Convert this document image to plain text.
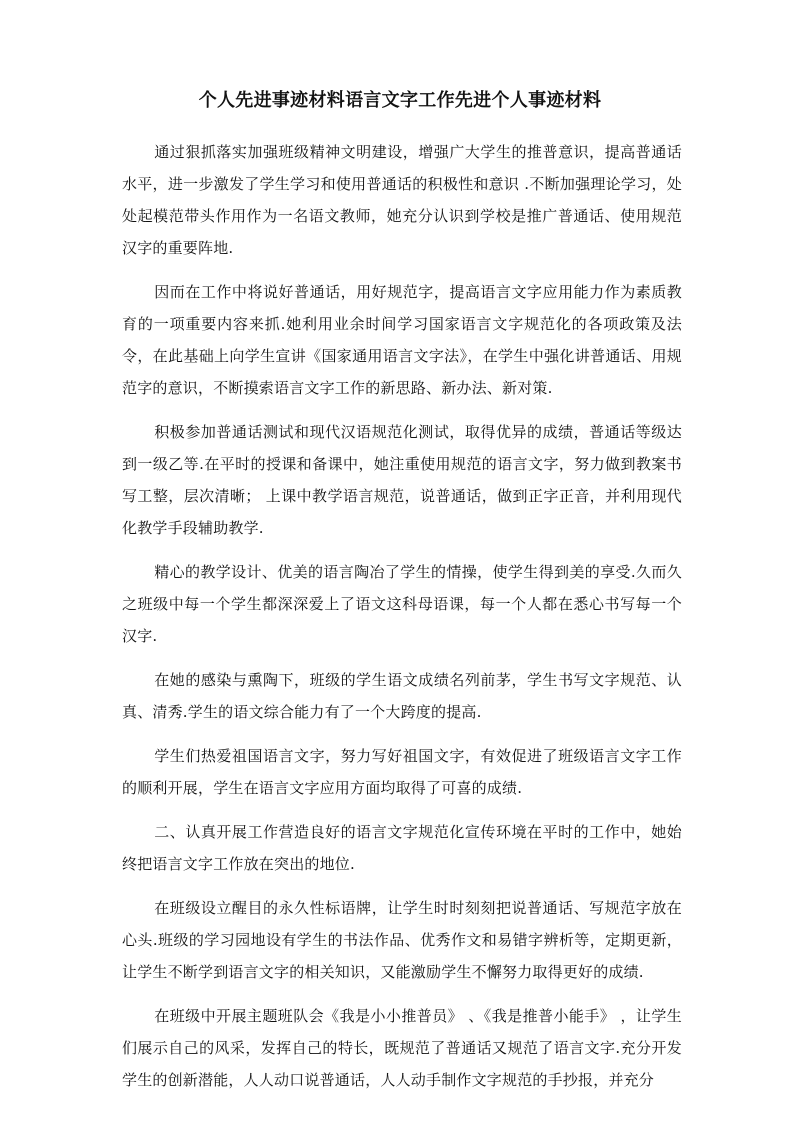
个人先进事迹材料语言文字工作先进个人事迹材料

通过狠抓落实加强班级精神文明建设，增强广大学生的推普意识，提高普通话水平，进一步激发了学生学习和使用普通话的积极性和意识 .不断加强理论学习，处处起模范带头作用作为一名语文教师，她充分认识到学校是推广普通话、使用规范汉字的重要阵地.

因而在工作中将说好普通话，用好规范字，提高语言文字应用能力作为素质教育的一项重要内容来抓.她利用业余时间学习国家语言文字规范化的各项政策及法令，在此基础上向学生宣讲《国家通用语言文字法》，在学生中强化讲普通话、用规范字的意识，不断摸索语言文字工作的新思路、新办法、新对策.

积极参加普通话测试和现代汉语规范化测试，取得优异的成绩，普通话等级达到一级乙等.在平时的授课和备课中，她注重使用规范的语言文字，努力做到教案书写工整，层次清晰； 上课中教学语言规范，说普通话，做到正字正音，并利用现代化教学手段辅助教学.

精心的教学设计、优美的语言陶冶了学生的情操，使学生得到美的享受.久而久之班级中每一个学生都深深爱上了语文这科母语课，每一个人都在悉心书写每一个汉字.

在她的感染与熏陶下，班级的学生语文成绩名列前茅，学生书写文字规范、认真、清秀.学生的语文综合能力有了一个大跨度的提高.

学生们热爱祖国语言文字，努力写好祖国文字，有效促进了班级语言文字工作的顺利开展，学生在语言文字应用方面均取得了可喜的成绩.

二、认真开展工作营造良好的语言文字规范化宣传环境在平时的工作中，她始终把语言文字工作放在突出的地位.

在班级设立醒目的永久性标语牌，让学生时时刻刻把说普通话、写规范字放在心头.班级的学习园地设有学生的书法作品、优秀作文和易错字辨析等，定期更新，让学生不断学到语言文字的相关知识，又能激励学生不懈努力取得更好的成绩.

在班级中开展主题班队会《我是小小推普员》 、《我是推普小能手》 ，让学生们展示自己的风采，发挥自己的特长，既规范了普通话又规范了语言文字.充分开发学生的创新潜能，人人动口说普通话，人人动手制作文字规范的手抄报，并充分
